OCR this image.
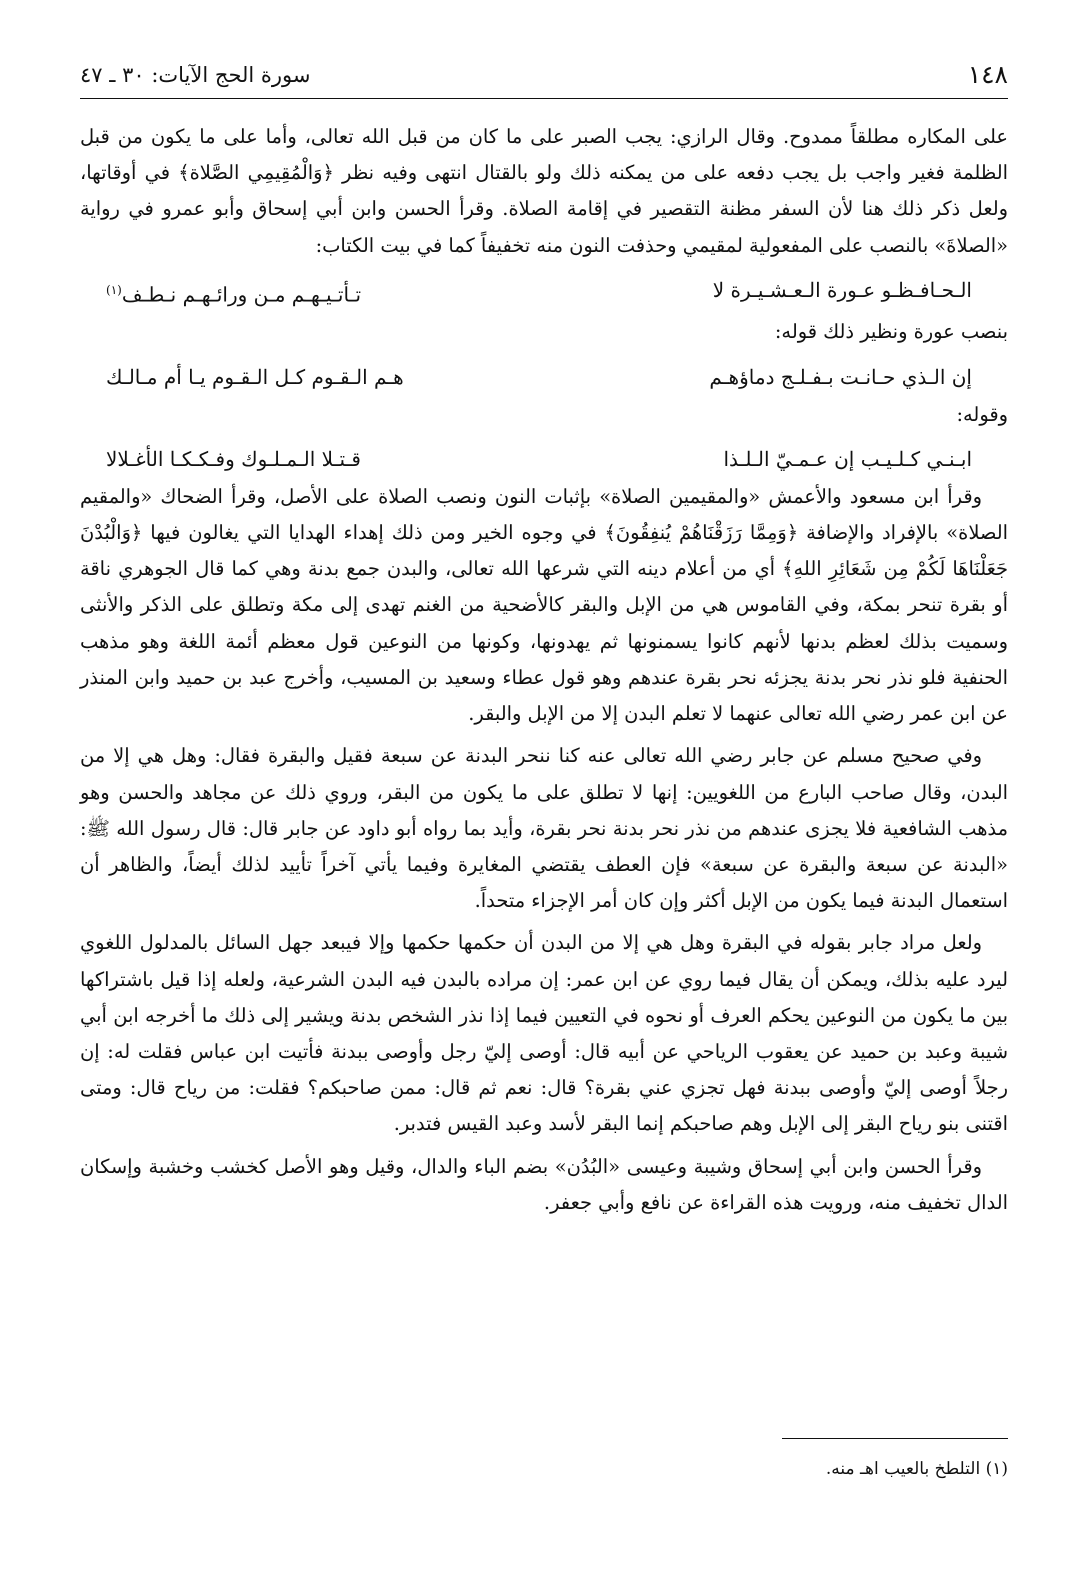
١٤٨
سورة الحج الآيات: ٣٠ ـ ٤٧

على المكاره مطلقاً ممدوح. وقال الرازي: يجب الصبر على ما كان من قبل الله تعالى، وأما على ما يكون من قبل الظلمة فغير واجب بل يجب دفعه على من يمكنه ذلك ولو بالقتال انتهى وفيه نظر ﴿وَالْمُقِيمِي الصَّلاة﴾ في أوقاتها، ولعل ذكر ذلك هنا لأن السفر مظنة التقصير في إقامة الصلاة. وقرأ الحسن وابن أبي إسحاق وأبو عمرو في رواية «الصلاةَ» بالنصب على المفعولية لمقيمي وحذفت النون منه تخفيفاً كما في بيت الكتاب:

الـحـافـظـو عـورة الـعـشـيـرة لا
تـأتـيـهـم مـن ورائـهـم نـطـف$^{(١)}$

بنصب عورة ونظير ذلك قوله:

إن الـذي حـانـت بـفـلـج دماؤهـم
هـم الـقـوم كـل الـقـوم يـا أم مـالـك

وقوله:

ابـنـي كـلـيـب إن عـمـيّ الـلـذا
قـتـلا الـمـلـوك وفـكـكـا الأغـلالا

وقرأ ابن مسعود والأعمش «والمقيمين الصلاة» بإثبات النون ونصب الصلاة على الأصل، وقرأ الضحاك «والمقيم الصلاة» بالإفراد والإضافة ﴿وَمِمَّا رَزَقْنَاهُمْ يُنفِقُونَ﴾ في وجوه الخير ومن ذلك إهداء الهدايا التي يغالون فيها ﴿وَالْبُدْنَ جَعَلْنَاهَا لَكُمْ مِن شَعَائِرِ اللهِ﴾ أي من أعلام دينه التي شرعها الله تعالى، والبدن جمع بدنة وهي كما قال الجوهري ناقة أو بقرة تنحر بمكة، وفي القاموس هي من الإبل والبقر كالأضحية من الغنم تهدى إلى مكة وتطلق على الذكر والأنثى وسميت بذلك لعظم بدنها لأنهم كانوا يسمنونها ثم يهدونها، وكونها من النوعين قول معظم أئمة اللغة وهو مذهب الحنفية فلو نذر نحر بدنة يجزئه نحر بقرة عندهم وهو قول عطاء وسعيد بن المسيب، وأخرج عبد بن حميد وابن المنذر عن ابن عمر رضي الله تعالى عنهما لا تعلم البدن إلا من الإبل والبقر.

وفي صحيح مسلم عن جابر رضي الله تعالى عنه كنا ننحر البدنة عن سبعة فقيل والبقرة فقال: وهل هي إلا من البدن، وقال صاحب البارع من اللغويين: إنها لا تطلق على ما يكون من البقر، وروي ذلك عن مجاهد والحسن وهو مذهب الشافعية فلا يجزى عندهم من نذر نحر بدنة نحر بقرة، وأيد بما رواه أبو داود عن جابر قال: قال رسول الله ﷺ: «البدنة عن سبعة والبقرة عن سبعة» فإن العطف يقتضي المغايرة وفيما يأتي آخراً تأييد لذلك أيضاً، والظاهر أن استعمال البدنة فيما يكون من الإبل أكثر وإن كان أمر الإجزاء متحداً.

ولعل مراد جابر بقوله في البقرة وهل هي إلا من البدن أن حكمها حكمها وإلا فيبعد جهل السائل بالمدلول اللغوي ليرد عليه بذلك، ويمكن أن يقال فيما روي عن ابن عمر: إن مراده بالبدن فيه البدن الشرعية، ولعله إذا قيل باشتراكها بين ما يكون من النوعين يحكم العرف أو نحوه في التعيين فيما إذا نذر الشخص بدنة ويشير إلى ذلك ما أخرجه ابن أبي شيبة وعبد بن حميد عن يعقوب الرياحي عن أبيه قال: أوصى إليّ رجل وأوصى ببدنة فأتيت ابن عباس فقلت له: إن رجلاً أوصى إليّ وأوصى ببدنة فهل تجزي عني بقرة؟ قال: نعم ثم قال: ممن صاحبكم؟ فقلت: من رياح قال: ومتى اقتنى بنو رياح البقر إلى الإبل وهم صاحبكم إنما البقر لأسد وعبد القيس فتدبر.

وقرأ الحسن وابن أبي إسحاق وشيبة وعيسى «البُدُن» بضم الباء والدال، وقيل وهو الأصل كخشب وخشبة وإسكان الدال تخفيف منه، ورويت هذه القراءة عن نافع وأبي جعفر.

(١) التلطخ بالعيب اهـ منه.
